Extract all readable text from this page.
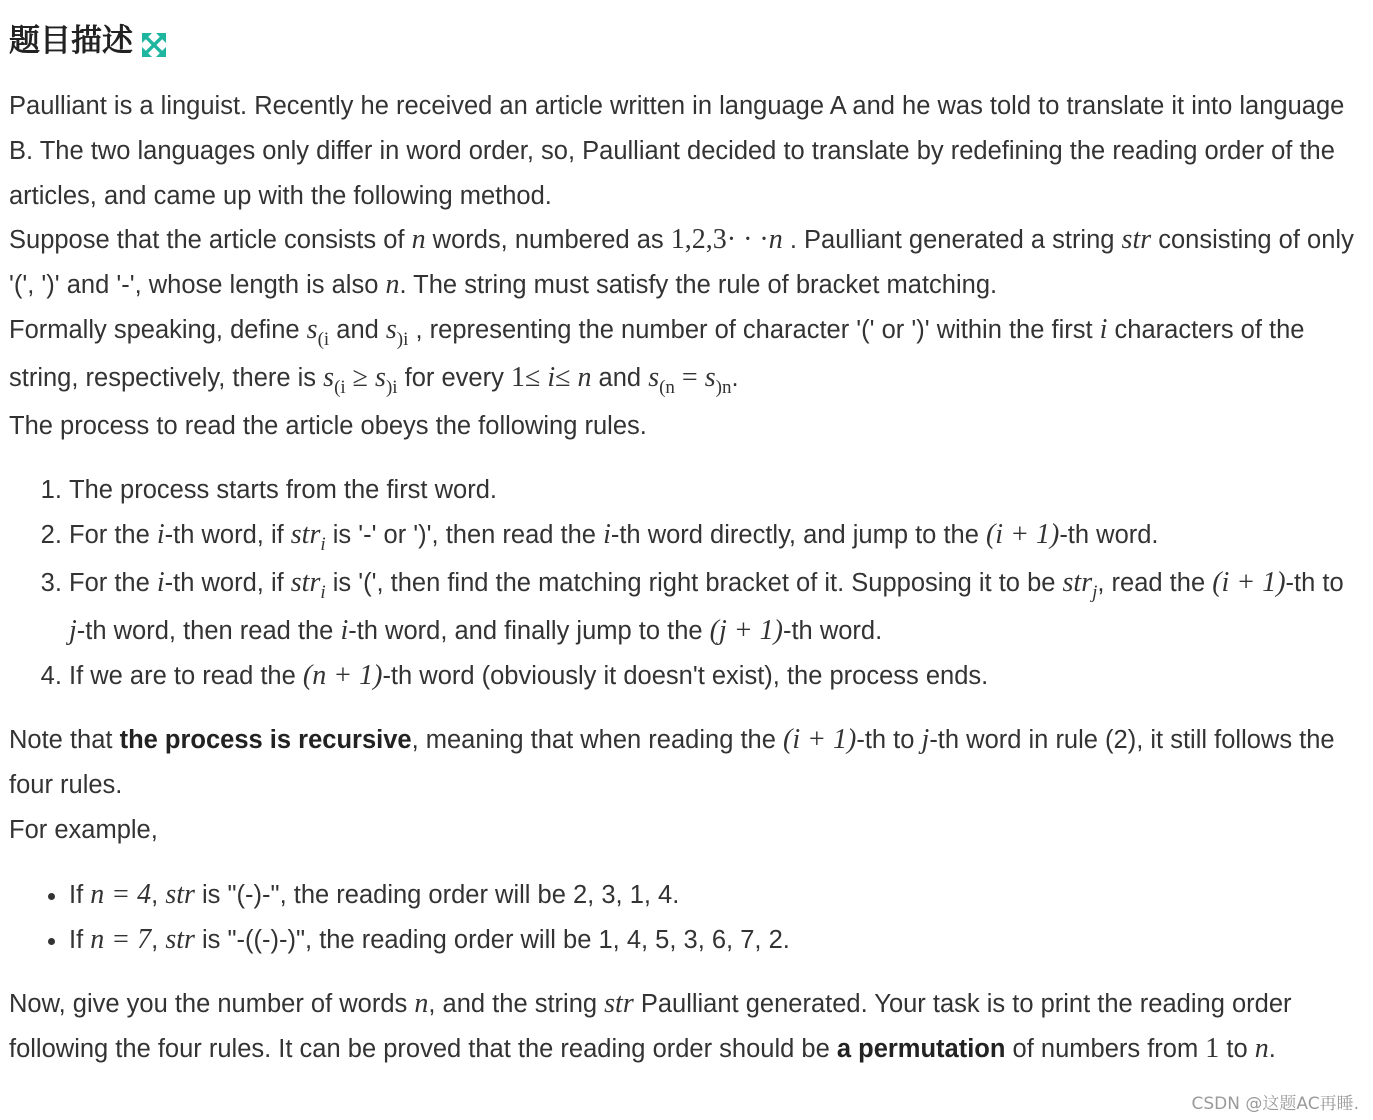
题目描述

Paulliant is a linguist. Recently he received an article written in language A and he was told to translate it into language B. The two languages only differ in word order, so, Paulliant decided to translate by redefining the reading order of the articles, and came up with the following method.

Suppose that the article consists of n words, numbered as 1,2,3· · ·n . Paulliant generated a string str consisting of only '(', ')' and '-', whose length is also n. The string must satisfy the rule of bracket matching.

Formally speaking, define $s_{(i}$ and $s_{)i}$ , representing the number of character '(' or ')' within the first i characters of the string, respectively, there is $s_{(i} \ge s_{)i}$ for every 1≤ i≤ n and $s_{(n} = s_{)n}$.

The process to read the article obeys the following rules.

1. The process starts from the first word.
2. For the i-th word, if str$_i$ is '-' or ')', then read the i-th word directly, and jump to the (i + 1)-th word.
3. For the i-th word, if str$_i$ is '(', then find the matching right bracket of it. Supposing it to be str$_j$, read the (i + 1)-th to j-th word, then read the i-th word, and finally jump to the (j + 1)-th word.
4. If we are to read the (n + 1)-th word (obviously it doesn't exist), the process ends.

Note that the process is recursive, meaning that when reading the (i + 1)-th to j-th word in rule (2), it still follows the four rules.

For example,

• If n = 4, str is "(-)-", the reading order will be 2, 3, 1, 4.
• If n = 7, str is "-((-)-)", the reading order will be 1, 4, 5, 3, 6, 7, 2.

Now, give you the number of words n, and the string str Paulliant generated. Your task is to print the reading order following the four rules. It can be proved that the reading order should be a permutation of numbers from 1 to n.

CSDN @这题AC再睡.
